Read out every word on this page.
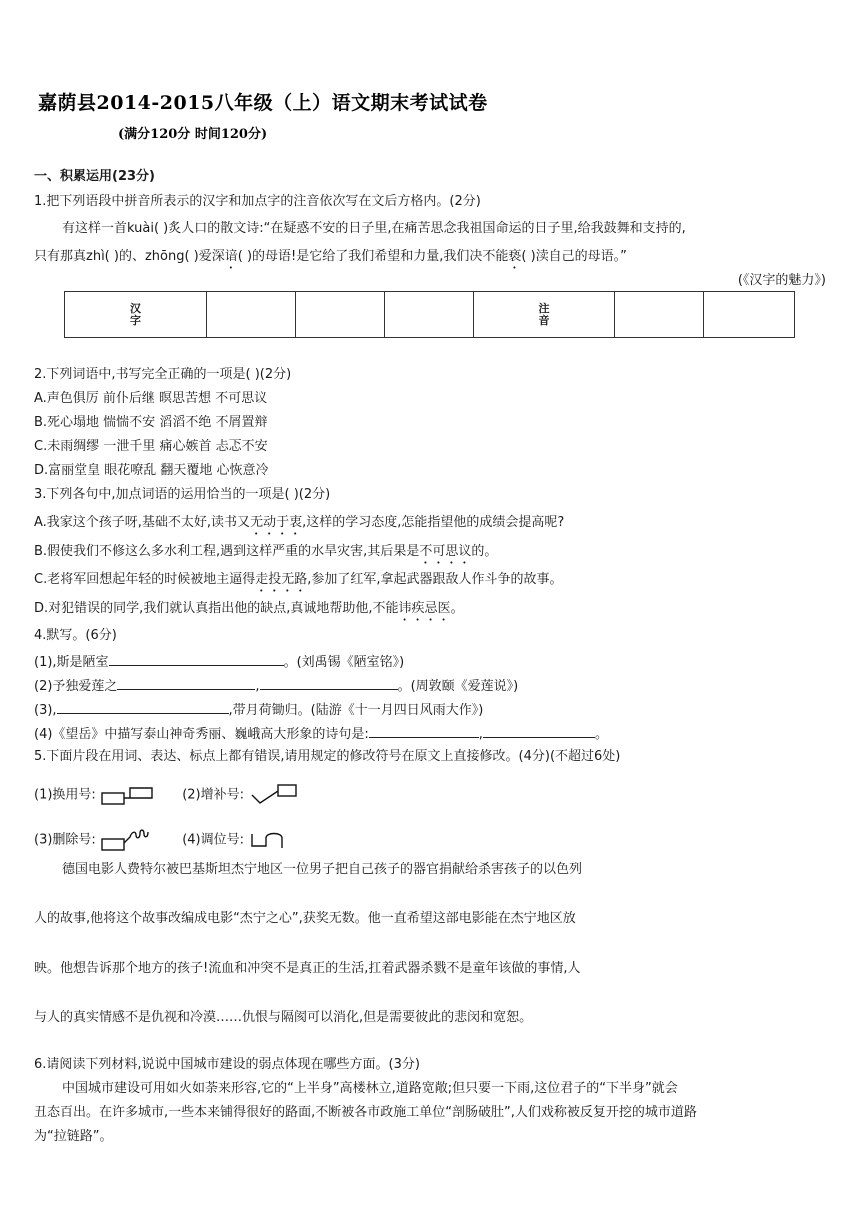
嘉荫县2014-2015八年级（上）语文期末考试试卷
(满分120分 时间120分)
一、积累运用(23分)
1.把下列语段中拼音所表示的汉字和加点字的注音依次写在文后方格内。(2分)
有这样一首kuài( )炙人口的散文诗:“在疑惑不安的日子里,在痛苦思念我祖国命运的日子里,给我鼓舞和支持的,
只有那真zhì( )的、zhōng( )爱深谙( )的母语!是它给了我们希望和力量,我们决不能亵( )渎自己的母语。”
(《汉字的魅力》)
汉字				注音		
2.下列词语中,书写完全正确的一项是( )(2分)
A.声色俱厉 前仆后继 暝思苦想 不可思议
B.死心塌地 惴惴不安 滔滔不绝 不屑置辩
C.未雨绸缪 一泄千里 痛心嫉首 忐忑不安
D.富丽堂皇 眼花嘹乱 翻天覆地 心恢意冷
3.下列各句中,加点词语的运用恰当的一项是( )(2分)
A.我家这个孩子呀,基础不太好,读书又无动于衷,这样的学习态度,怎能指望他的成绩会提高呢?
B.假使我们不修这么多水利工程,遇到这样严重的水旱灾害,其后果是不可思议的。
C.老将军回想起年轻的时候被地主逼得走投无路,参加了红军,拿起武器跟敌人作斗争的故事。
D.对犯错误的同学,我们就认真指出他的缺点,真诚地帮助他,不能讳疾忌医。
4.默写。(6分)
(1),斯是陋室	。(刘禹锡《陋室铭》)
(2)予独爱莲之	,	。(周敦颐《爱莲说》)
(3),	,带月荷锄归。(陆游《十一月四日风雨大作》)
(4)《望岳》中描写泰山神奇秀丽、巍峨高大形象的诗句是:	,	。
5.下面片段在用词、表达、标点上都有错误,请用规定的修改符号在原文上直接修改。(4分)(不超过6处)
(1)换用号:	(2)增补号:
(3)删除号:	(4)调位号:
德国电影人费特尔被巴基斯坦杰宁地区一位男子把自己孩子的器官捐献给杀害孩子的以色列
人的故事,他将这个故事改编成电影“杰宁之心”,获奖无数。他一直希望这部电影能在杰宁地区放
映。他想告诉那个地方的孩子!流血和冲突不是真正的生活,扛着武器杀戮不是童年该做的事情,人
与人的真实情感不是仇视和冷漠……仇恨与隔阂可以消化,但是需要彼此的悲闵和宽恕。
6.请阅读下列材料,说说中国城市建设的弱点体现在哪些方面。(3分)
中国城市建设可用如火如荼来形容,它的“上半身”高楼林立,道路宽敞;但只要一下雨,这位君子的“下半身”就会
丑态百出。在许多城市,一些本来铺得很好的路面,不断被各市政施工单位“剖肠破肚”,人们戏称被反复开挖的城市道路
为“拉链路”。
